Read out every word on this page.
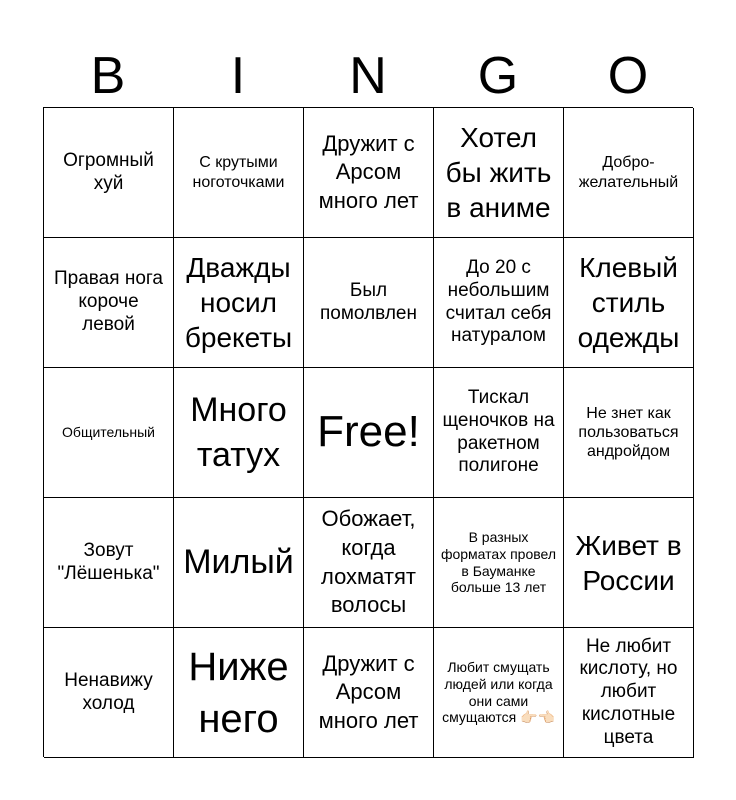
B	I	N	G	O
Огромный хуй
С крутыми ноготочками
Дружит с Арсом много лет
Хотел бы жить в аниме
Добро-
желательный
Правая нога короче левой
Дважды носил брекеты
Был помолвлен
До 20 с небольшим считал себя натуралом
Клевый стиль одежды
Общительный
Много татух Free!
Тискал щеночков на ракетном полигоне
Не знет как пользоваться андройдом
Зовут "Лёшенька" Милый
Обожает, когда лохматят волосы
В разных форматах провел в Бауманке больше 13 лет
Живет в России
Ненавижу холод
Ниже него
Дружит с Арсом много лет
Любит смущать людей или когда они сами смущаются 👉🏻👈🏻
Не любит кислоту, но любит кислотные цвета
